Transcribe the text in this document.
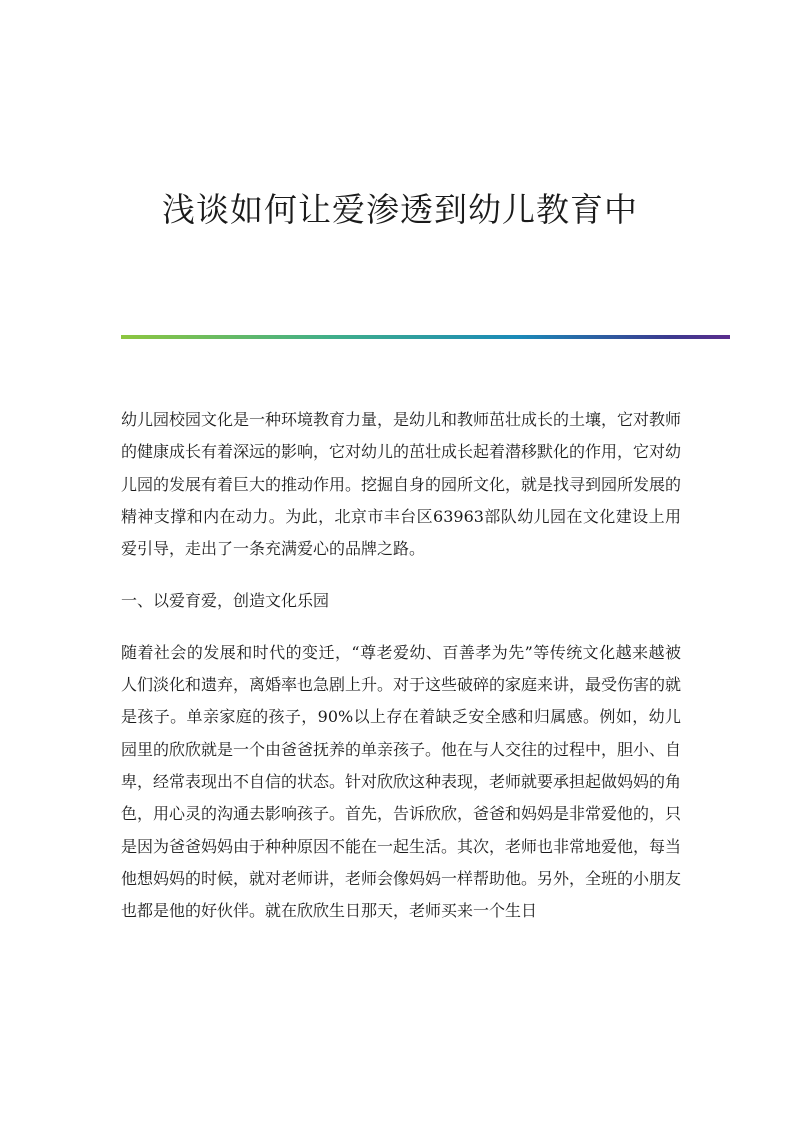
浅谈如何让爱渗透到幼儿教育中

幼儿园校园文化是一种环境教育力量，是幼儿和教师茁壮成长的土壤，它对教师的健康成长有着深远的影响，它对幼儿的茁壮成长起着潜移默化的作用，它对幼儿园的发展有着巨大的推动作用。挖掘自身的园所文化，就是找寻到园所发展的精神支撑和内在动力。为此，北京市丰台区63963部队幼儿园在文化建设上用爱引导，走出了一条充满爱心的品牌之路。

一、以爱育爱，创造文化乐园

随着社会的发展和时代的变迁，“尊老爱幼、百善孝为先”等传统文化越来越被人们淡化和遗弃，离婚率也急剧上升。对于这些破碎的家庭来讲，最受伤害的就是孩子。单亲家庭的孩子，90%以上存在着缺乏安全感和归属感。例如，幼儿园里的欣欣就是一个由爸爸抚养的单亲孩子。他在与人交往的过程中，胆小、自卑，经常表现出不自信的状态。针对欣欣这种表现，老师就要承担起做妈妈的角色，用心灵的沟通去影响孩子。首先，告诉欣欣，爸爸和妈妈是非常爱他的，只是因为爸爸妈妈由于种种原因不能在一起生活。其次，老师也非常地爱他，每当他想妈妈的时候，就对老师讲，老师会像妈妈一样帮助他。另外，全班的小朋友也都是他的好伙伴。就在欣欣生日那天，老师买来一个生日
